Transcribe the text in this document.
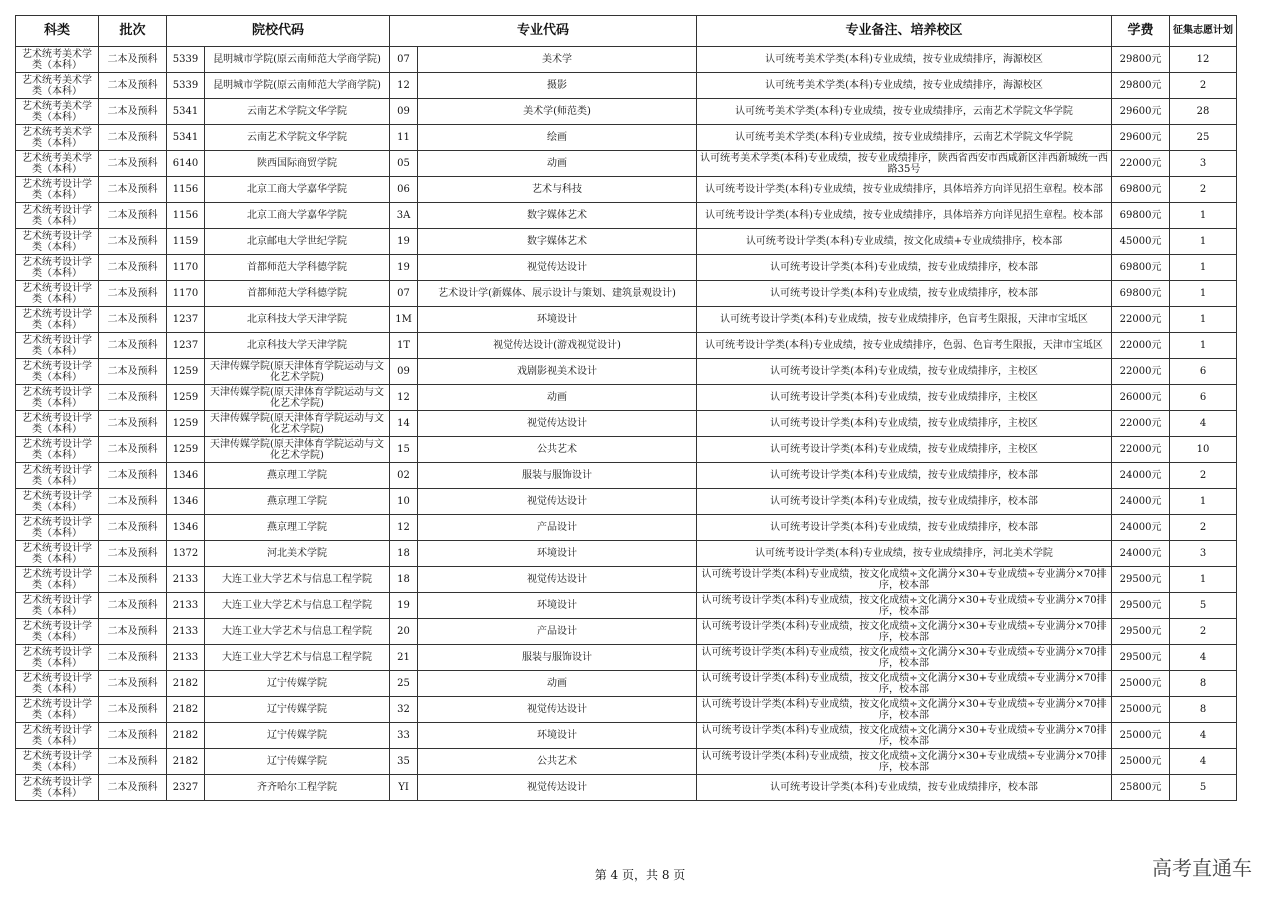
科类	批次	院校代码		专业代码		专业备注、培养校区	学费	征集志愿计划
艺术统考美术学类（本科）	二本及预科	5339	昆明城市学院(原云南师范大学商学院)	07	美术学	认可统考美术学类(本科)专业成绩，按专业成绩排序，海源校区	29800元	12
艺术统考美术学类（本科）	二本及预科	5339	昆明城市学院(原云南师范大学商学院)	12	摄影	认可统考美术学类(本科)专业成绩，按专业成绩排序，海源校区	29800元	2
艺术统考美术学类（本科）	二本及预科	5341	云南艺术学院文华学院	09	美术学(师范类)	认可统考美术学类(本科)专业成绩，按专业成绩排序，云南艺术学院文华学院	29600元	28
艺术统考美术学类（本科）	二本及预科	5341	云南艺术学院文华学院	11	绘画	认可统考美术学类(本科)专业成绩，按专业成绩排序，云南艺术学院文华学院	29600元	25
艺术统考美术学类（本科）	二本及预科	6140	陕西国际商贸学院	05	动画	认可统考美术学类(本科)专业成绩，按专业成绩排序，陕西省西安市西咸新区沣西新城统一西路35号	22000元	3
艺术统考设计学类（本科）	二本及预科	1156	北京工商大学嘉华学院	06	艺术与科技	认可统考设计学类(本科)专业成绩，按专业成绩排序，具体培养方向详见招生章程。校本部	69800元	2
艺术统考设计学类（本科）	二本及预科	1156	北京工商大学嘉华学院	3A	数字媒体艺术	认可统考设计学类(本科)专业成绩，按专业成绩排序，具体培养方向详见招生章程。校本部	69800元	1
艺术统考设计学类（本科）	二本及预科	1159	北京邮电大学世纪学院	19	数字媒体艺术	认可统考设计学类(本科)专业成绩，按文化成绩+专业成绩排序，校本部	45000元	1
艺术统考设计学类（本科）	二本及预科	1170	首都师范大学科德学院	19	视觉传达设计	认可统考设计学类(本科)专业成绩，按专业成绩排序，校本部	69800元	1
艺术统考设计学类（本科）	二本及预科	1170	首都师范大学科德学院	07	艺术设计学(新媒体、展示设计与策划、建筑景观设计)	认可统考设计学类(本科)专业成绩，按专业成绩排序，校本部	69800元	1
艺术统考设计学类（本科）	二本及预科	1237	北京科技大学天津学院	1M	环境设计	认可统考设计学类(本科)专业成绩，按专业成绩排序，色盲考生限报，天津市宝坻区	22000元	1
艺术统考设计学类（本科）	二本及预科	1237	北京科技大学天津学院	1T	视觉传达设计(游戏视觉设计)	认可统考设计学类(本科)专业成绩，按专业成绩排序，色弱、色盲考生限报，天津市宝坻区	22000元	1
艺术统考设计学类（本科）	二本及预科	1259	天津传媒学院(原天津体育学院运动与文化艺术学院)	09	戏剧影视美术设计	认可统考设计学类(本科)专业成绩，按专业成绩排序，主校区	22000元	6
艺术统考设计学类（本科）	二本及预科	1259	天津传媒学院(原天津体育学院运动与文化艺术学院)	12	动画	认可统考设计学类(本科)专业成绩，按专业成绩排序，主校区	26000元	6
艺术统考设计学类（本科）	二本及预科	1259	天津传媒学院(原天津体育学院运动与文化艺术学院)	14	视觉传达设计	认可统考设计学类(本科)专业成绩，按专业成绩排序，主校区	22000元	4
艺术统考设计学类（本科）	二本及预科	1259	天津传媒学院(原天津体育学院运动与文化艺术学院)	15	公共艺术	认可统考设计学类(本科)专业成绩，按专业成绩排序，主校区	22000元	10
艺术统考设计学类（本科）	二本及预科	1346	燕京理工学院	02	服装与服饰设计	认可统考设计学类(本科)专业成绩，按专业成绩排序，校本部	24000元	2
艺术统考设计学类（本科）	二本及预科	1346	燕京理工学院	10	视觉传达设计	认可统考设计学类(本科)专业成绩，按专业成绩排序，校本部	24000元	1
艺术统考设计学类（本科）	二本及预科	1346	燕京理工学院	12	产品设计	认可统考设计学类(本科)专业成绩，按专业成绩排序，校本部	24000元	2
艺术统考设计学类（本科）	二本及预科	1372	河北美术学院	18	环境设计	认可统考设计学类(本科)专业成绩，按专业成绩排序，河北美术学院	24000元	3
艺术统考设计学类（本科）	二本及预科	2133	大连工业大学艺术与信息工程学院	18	视觉传达设计	认可统考设计学类(本科)专业成绩，按文化成绩÷文化满分×30+专业成绩÷专业满分×70排序，校本部	29500元	1
艺术统考设计学类（本科）	二本及预科	2133	大连工业大学艺术与信息工程学院	19	环境设计	认可统考设计学类(本科)专业成绩，按文化成绩÷文化满分×30+专业成绩÷专业满分×70排序，校本部	29500元	5
艺术统考设计学类（本科）	二本及预科	2133	大连工业大学艺术与信息工程学院	20	产品设计	认可统考设计学类(本科)专业成绩，按文化成绩÷文化满分×30+专业成绩÷专业满分×70排序，校本部	29500元	2
艺术统考设计学类（本科）	二本及预科	2133	大连工业大学艺术与信息工程学院	21	服装与服饰设计	认可统考设计学类(本科)专业成绩，按文化成绩÷文化满分×30+专业成绩÷专业满分×70排序，校本部	29500元	4
艺术统考设计学类（本科）	二本及预科	2182	辽宁传媒学院	25	动画	认可统考设计学类(本科)专业成绩，按文化成绩÷文化满分×30+专业成绩÷专业满分×70排序，校本部	25000元	8
艺术统考设计学类（本科）	二本及预科	2182	辽宁传媒学院	32	视觉传达设计	认可统考设计学类(本科)专业成绩，按文化成绩÷文化满分×30+专业成绩÷专业满分×70排序，校本部	25000元	8
艺术统考设计学类（本科）	二本及预科	2182	辽宁传媒学院	33	环境设计	认可统考设计学类(本科)专业成绩，按文化成绩÷文化满分×30+专业成绩÷专业满分×70排序，校本部	25000元	4
艺术统考设计学类（本科）	二本及预科	2182	辽宁传媒学院	35	公共艺术	认可统考设计学类(本科)专业成绩，按文化成绩÷文化满分×30+专业成绩÷专业满分×70排序，校本部	25000元	4
艺术统考设计学类（本科）	二本及预科	2327	齐齐哈尔工程学院	YI	视觉传达设计	认可统考设计学类(本科)专业成绩，按专业成绩排序，校本部	25800元	5
第 4 页，共 8 页	高考直通车
